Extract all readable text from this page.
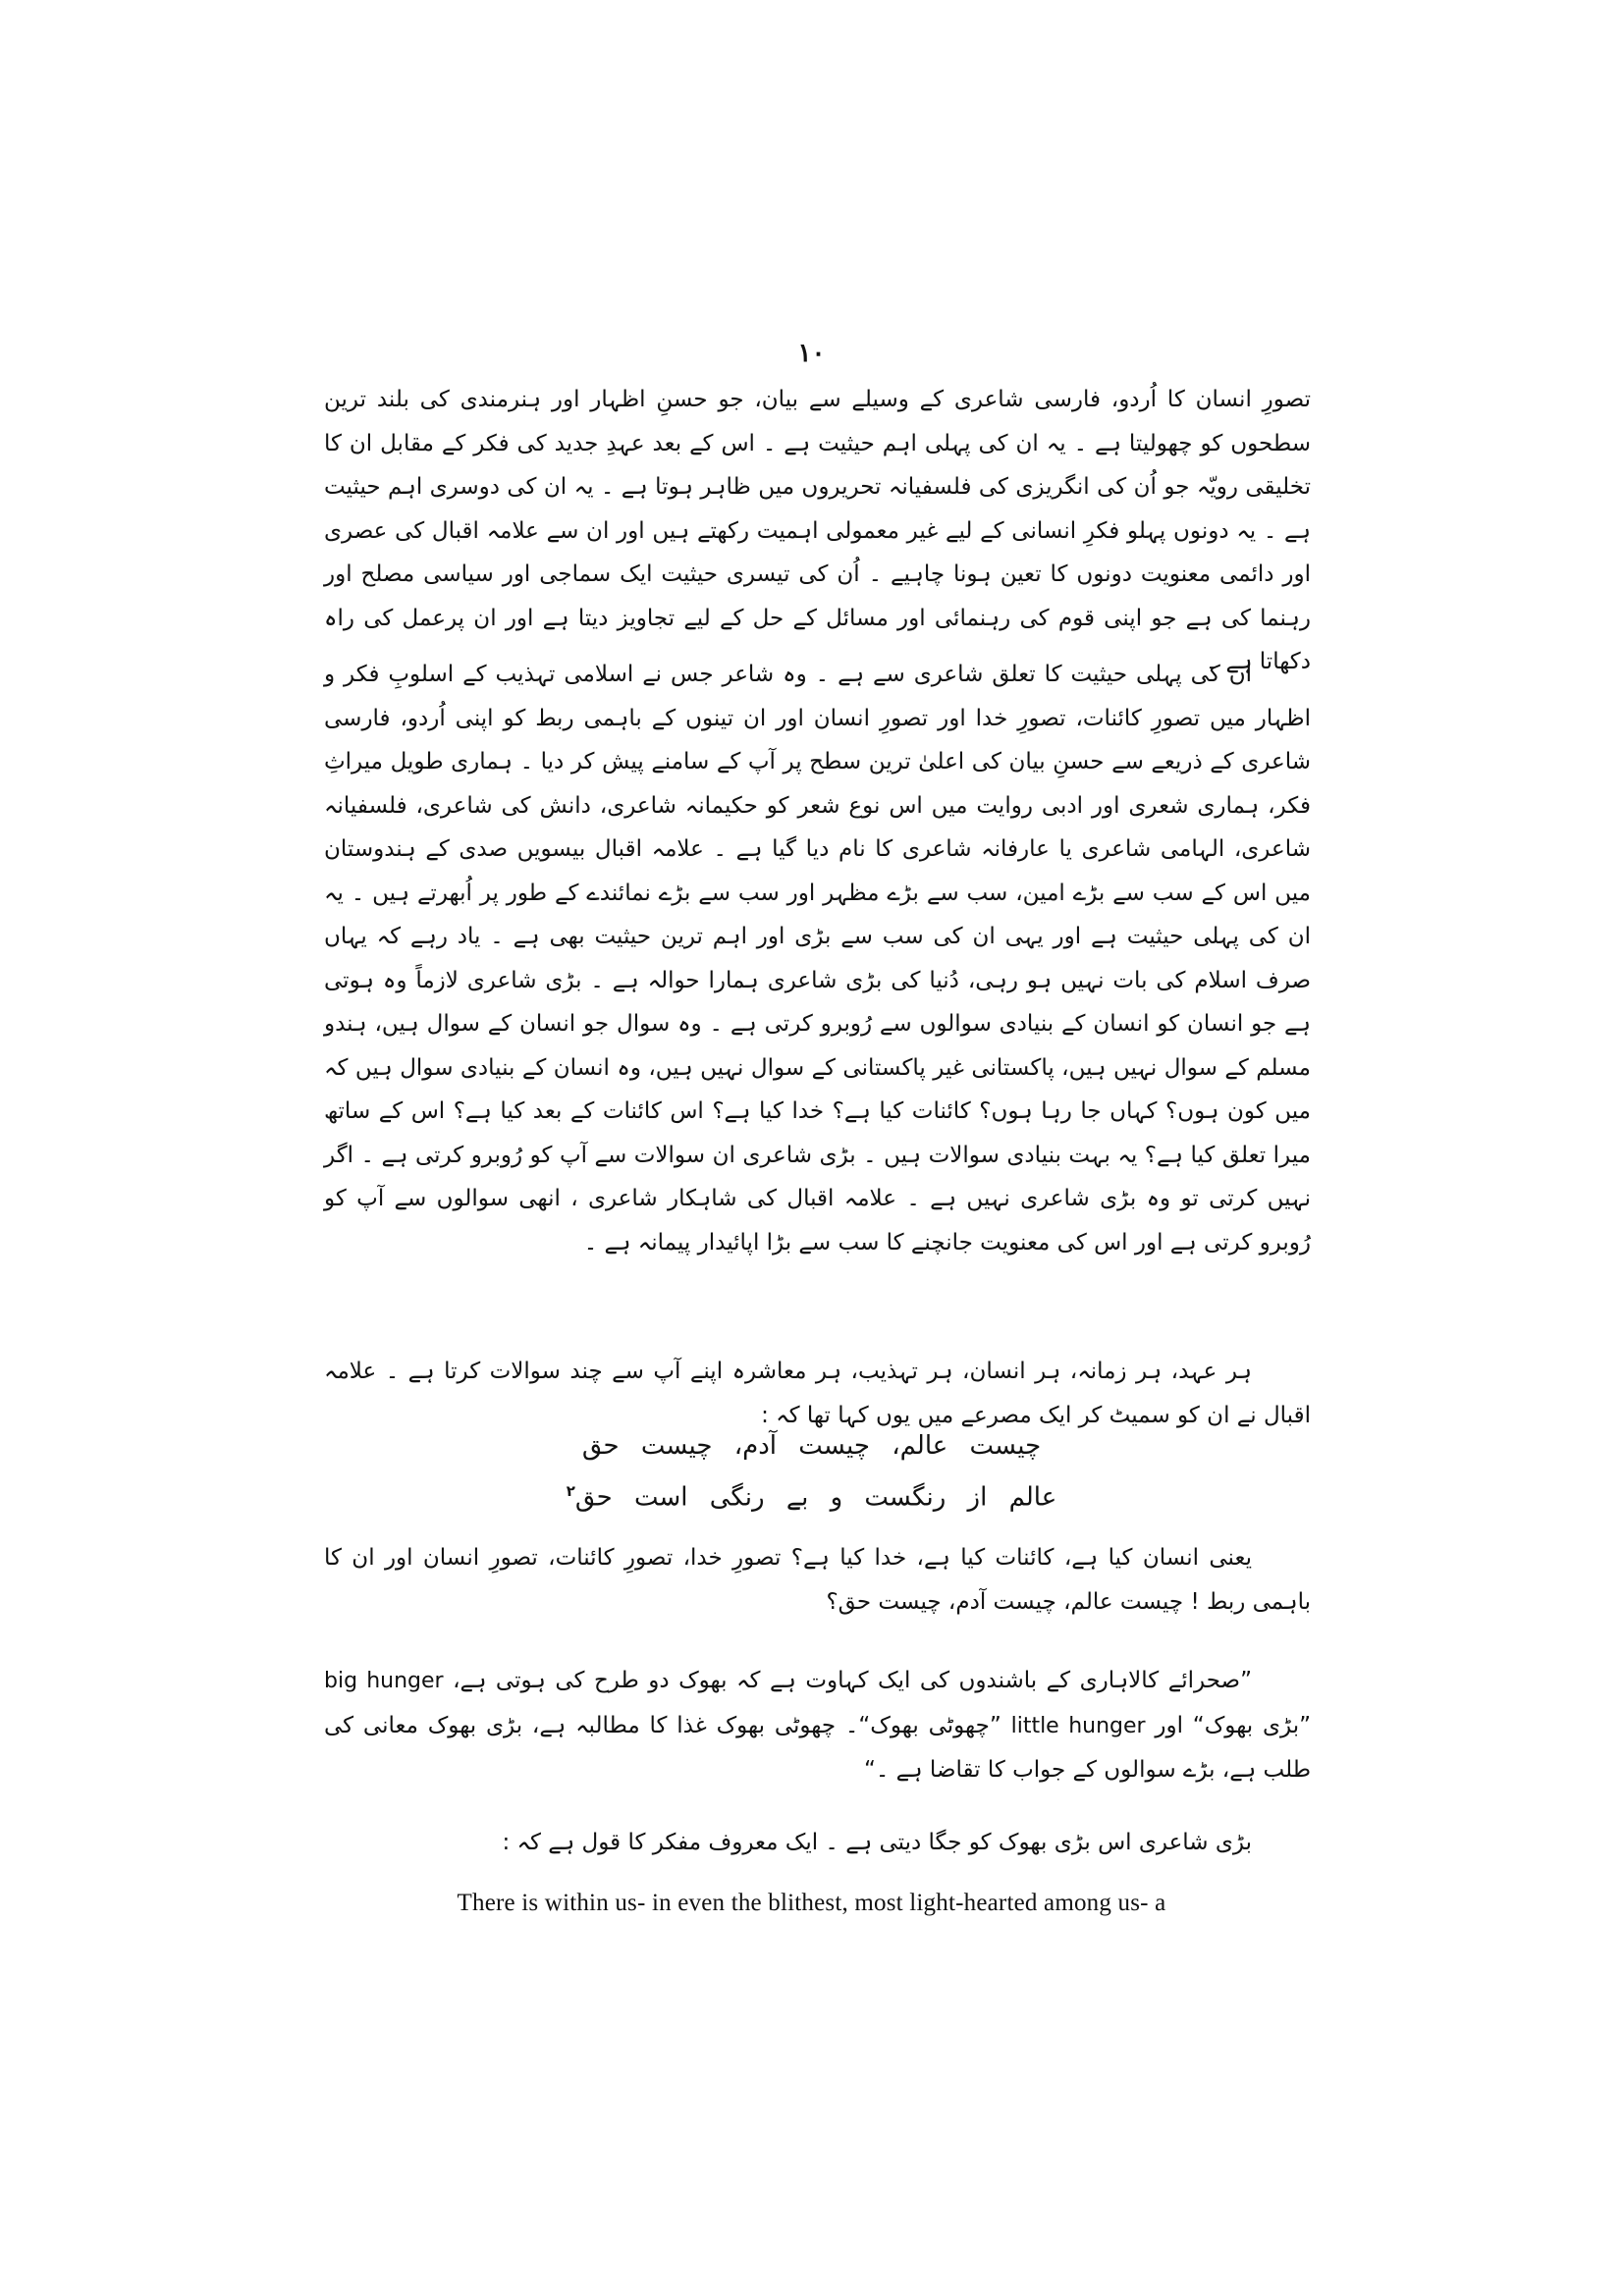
۱۰

تصورِ انسان کا اُردو، فارسی شاعری کے وسیلے سے بیان، جو حسنِ اظہار اور ہنرمندی کی بلند ترین سطحوں کو چھولیتا ہے ۔ یہ ان کی پہلی اہم حیثیت ہے ۔ اس کے بعد عہدِ جدید کی فکر کے مقابل ان کا تخلیقی رویّہ جو اُن کی انگریزی کی فلسفیانہ تحریروں میں ظاہر ہوتا ہے ۔ یہ ان کی دوسری اہم حیثیت ہے ۔ یہ دونوں پہلو فکرِ انسانی کے لیے غیر معمولی اہمیت رکھتے ہیں اور ان سے علامہ اقبال کی عصری اور دائمی معنویت دونوں کا تعین ہونا چاہیے ۔ اُن کی تیسری حیثیت ایک سماجی اور سیاسی مصلح اور رہنما کی ہے جو اپنی قوم کی رہنمائی اور مسائل کے حل کے لیے تجاویز دیتا ہے اور ان پرعمل کی راہ دکھاتا ہے ۔

ان کی پہلی حیثیت کا تعلق شاعری سے ہے ۔ وہ شاعر جس نے اسلامی تہذیب کے اسلوبِ فکر و اظہار میں تصورِ کائنات، تصورِ خدا اور تصورِ انسان اور ان تینوں کے باہمی ربط کو اپنی اُردو، فارسی شاعری کے ذریعے سے حسنِ بیان کی اعلیٰ ترین سطح پر آپ کے سامنے پیش کر دیا ۔ ہماری طویل میراثِ فکر، ہماری شعری اور ادبی روایت میں اس نوع شعر کو حکیمانہ شاعری، دانش کی شاعری، فلسفیانہ شاعری، الہامی شاعری یا عارفانہ شاعری کا نام دیا گیا ہے ۔ علامہ اقبال بیسویں صدی کے ہندوستان میں اس کے سب سے بڑے امین، سب سے بڑے مظہر اور سب سے بڑے نمائندے کے طور پر اُبھرتے ہیں ۔ یہ ان کی پہلی حیثیت ہے اور یہی ان کی سب سے بڑی اور اہم ترین حیثیت بھی ہے ۔ یاد رہے کہ یہاں صرف اسلام کی بات نہیں ہو رہی، دُنیا کی بڑی شاعری ہمارا حوالہ ہے ۔ بڑی شاعری لازماً وہ ہوتی ہے جو انسان کو انسان کے بنیادی سوالوں سے رُوبرو کرتی ہے ۔ وہ سوال جو انسان کے سوال ہیں، ہندو مسلم کے سوال نہیں ہیں، پاکستانی غیر پاکستانی کے سوال نہیں ہیں، وہ انسان کے بنیادی سوال ہیں کہ میں کون ہوں؟ کہاں جا رہا ہوں؟ کائنات کیا ہے؟ خدا کیا ہے؟ اس کائنات کے بعد کیا ہے؟ اس کے ساتھ میرا تعلق کیا ہے؟ یہ بہت بنیادی سوالات ہیں ۔ بڑی شاعری ان سوالات سے آپ کو رُوبرو کرتی ہے ۔ اگر نہیں کرتی تو وہ بڑی شاعری نہیں ہے ۔ علامہ اقبال کی شاہکار شاعری ، انھی سوالوں سے آپ کو رُوبرو کرتی ہے اور اس کی معنویت جانچنے کا سب سے بڑا اپائیدار پیمانہ ہے ۔

ہر عہد، ہر زمانہ، ہر انسان، ہر تہذیب، ہر معاشرہ اپنے آپ سے چند سوالات کرتا ہے ۔ علامہ اقبال نے ان کو سمیٹ کر ایک مصرعے میں یوں کہا تھا کہ :

چیست عالم، چیست آدم، چیست حق
عالم از رنگست و بے رنگی است حق$^۲$

یعنی انسان کیا ہے، کائنات کیا ہے، خدا کیا ہے؟ تصورِ خدا، تصورِ کائنات، تصورِ انسان اور ان کا باہمی ربط ! چیست عالم، چیست آدم، چیست حق؟

”صحرائے کالاہاری کے باشندوں کی ایک کہاوت ہے کہ بھوک دو طرح کی ہوتی ہے، big hunger ”بڑی بھوک“ اور little hunger ”چھوٹی بھوک“۔ چھوٹی بھوک غذا کا مطالبہ ہے، بڑی بھوک معانی کی طلب ہے، بڑے سوالوں کے جواب کا تقاضا ہے ۔“

بڑی شاعری اس بڑی بھوک کو جگا دیتی ہے ۔ ایک معروف مفکر کا قول ہے کہ :

There is within us- in even the blithest, most light-hearted among us- a
